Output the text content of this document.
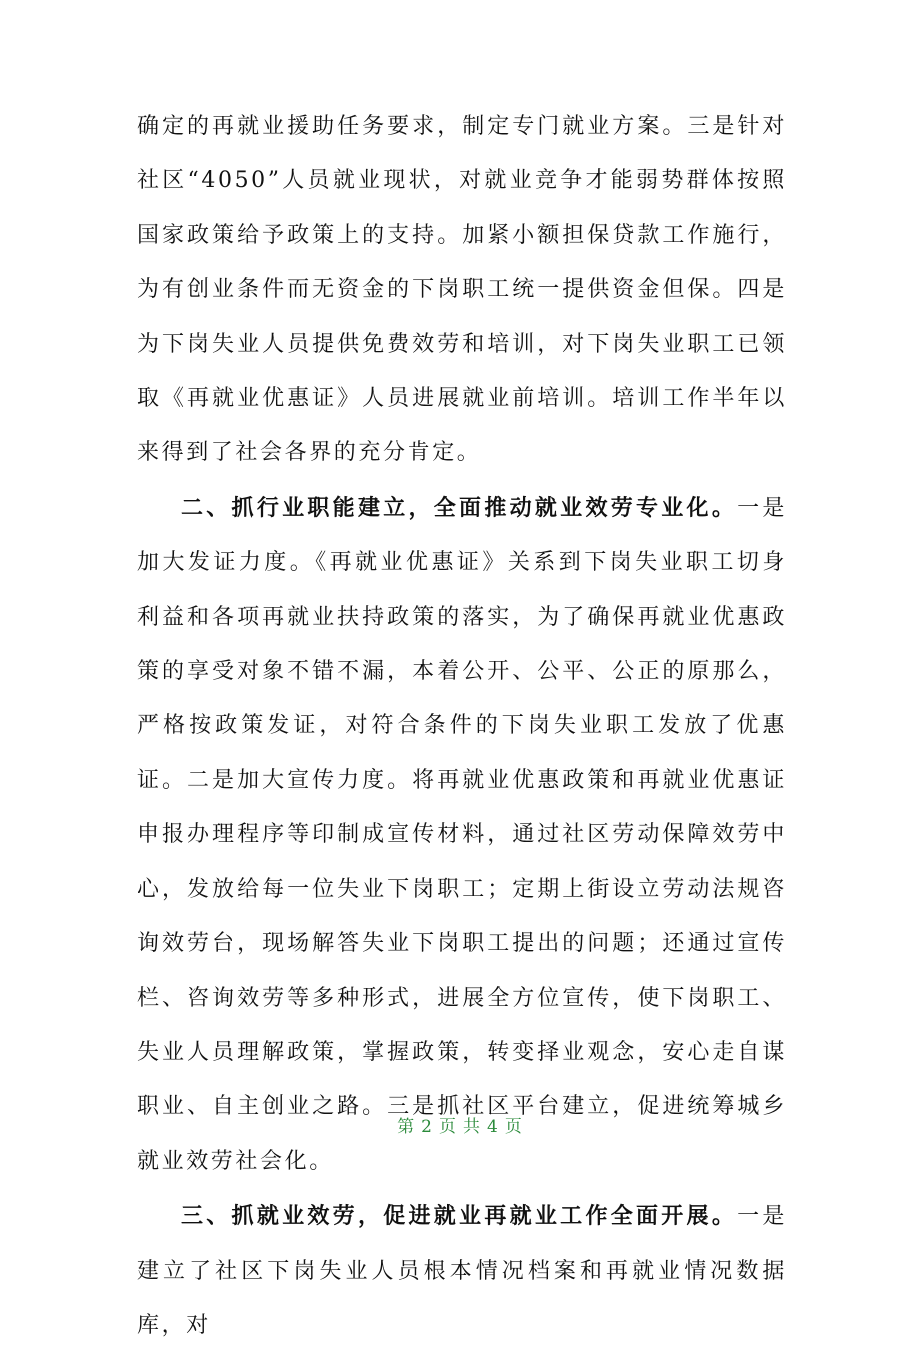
确定的再就业援助任务要求，制定专门就业方案。三是针对社区“4050”人员就业现状，对就业竞争才能弱势群体按照国家政策给予政策上的支持。加紧小额担保贷款工作施行，为有创业条件而无资金的下岗职工统一提供资金但保。四是为下岗失业人员提供免费效劳和培训，对下岗失业职工已领取《再就业优惠证》人员进展就业前培训。培训工作半年以来得到了社会各界的充分肯定。

二、抓行业职能建立，全面推动就业效劳专业化。一是加大发证力度。《再就业优惠证》关系到下岗失业职工切身利益和各项再就业扶持政策的落实，为了确保再就业优惠政策的享受对象不错不漏，本着公开、公平、公正的原那么，严格按政策发证，对符合条件的下岗失业职工发放了优惠证。二是加大宣传力度。将再就业优惠政策和再就业优惠证申报办理程序等印制成宣传材料，通过社区劳动保障效劳中心，发放给每一位失业下岗职工；定期上街设立劳动法规咨询效劳台，现场解答失业下岗职工提出的问题；还通过宣传栏、咨询效劳等多种形式，进展全方位宣传，使下岗职工、失业人员理解政策，掌握政策，转变择业观念，安心走自谋职业、自主创业之路。三是抓社区平台建立，促进统筹城乡就业效劳社会化。

三、抓就业效劳，促进就业再就业工作全面开展。一是建立了社区下岗失业人员根本情况档案和再就业情况数据库，对

第 2 页 共 4 页
